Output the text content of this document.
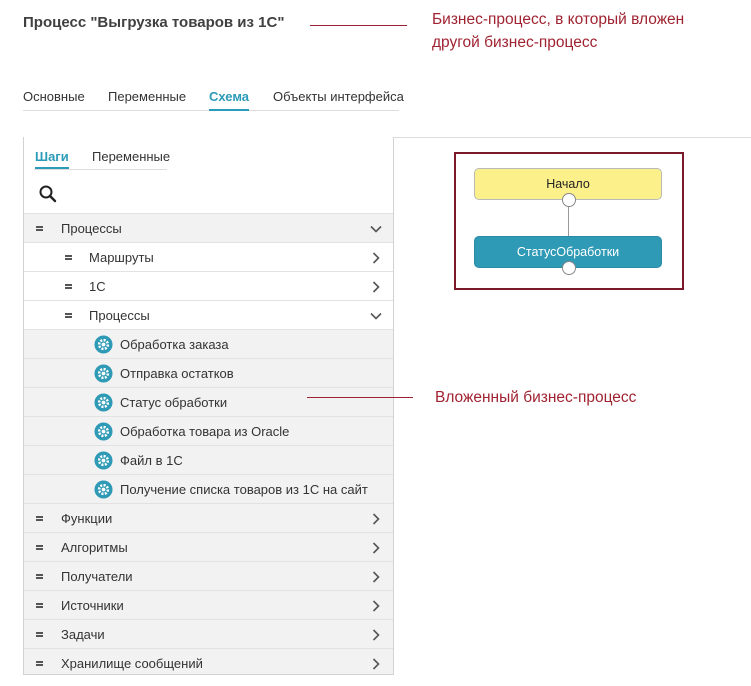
Процесс "Выгрузка товаров из 1С"	Бизнес-процесс, в который вложен
другой бизнес-процесс
Основные Переменные Схема Объекты интерфейса
Шаги Переменные
Процессы
Маршруты
1С
Процессы
Обработка заказа
Отправка остатков
Статус обработки
Обработка товара из Oracle
Файл в 1С
Получение списка товаров из 1С на сайт
Функции
Алгоритмы
Получатели
Источники
Задачи
Хранилище сообщений
Вложенный бизнес-процесс
Начало
СтатусОбработки
